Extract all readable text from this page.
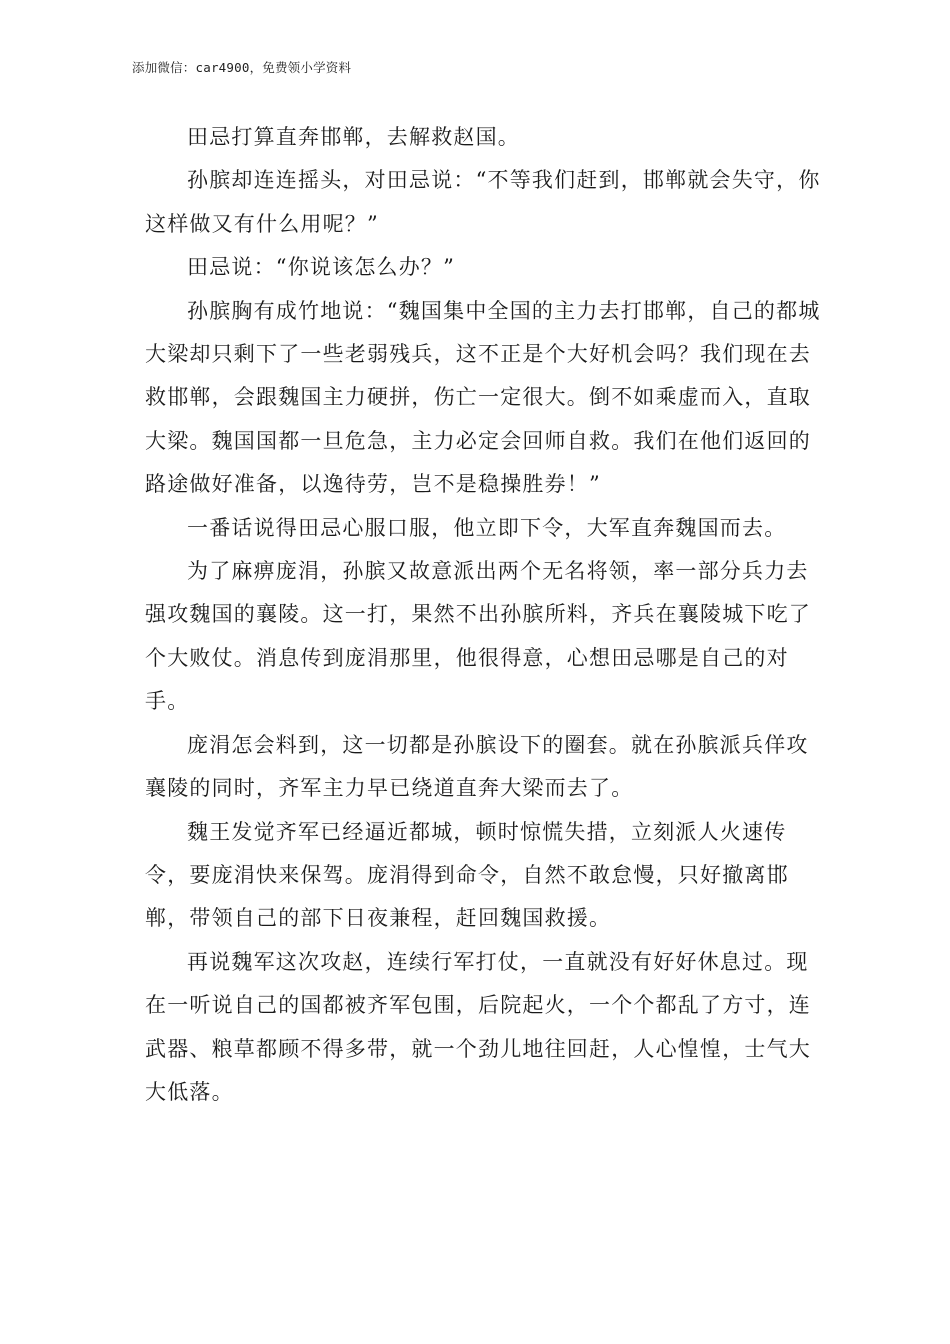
添加微信：car4900，免费领小学资料

田忌打算直奔邯郸，去解救赵国。

孙膑却连连摇头，对田忌说：“不等我们赶到，邯郸就会失守，你这样做又有什么用呢？”

田忌说：“你说该怎么办？”

孙膑胸有成竹地说：“魏国集中全国的主力去打邯郸，自己的都城大梁却只剩下了一些老弱残兵，这不正是个大好机会吗？我们现在去救邯郸，会跟魏国主力硬拼，伤亡一定很大。倒不如乘虚而入，直取大梁。魏国国都一旦危急，主力必定会回师自救。我们在他们返回的路途做好准备，以逸待劳，岂不是稳操胜券！”

一番话说得田忌心服口服，他立即下令，大军直奔魏国而去。

为了麻痹庞涓，孙膑又故意派出两个无名将领，率一部分兵力去强攻魏国的襄陵。这一打，果然不出孙膑所料，齐兵在襄陵城下吃了个大败仗。消息传到庞涓那里，他很得意，心想田忌哪是自己的对手。

庞涓怎会料到，这一切都是孙膑设下的圈套。就在孙膑派兵佯攻襄陵的同时，齐军主力早已绕道直奔大梁而去了。

魏王发觉齐军已经逼近都城，顿时惊慌失措，立刻派人火速传令，要庞涓快来保驾。庞涓得到命令，自然不敢怠慢，只好撤离邯郸，带领自己的部下日夜兼程，赶回魏国救援。

再说魏军这次攻赵，连续行军打仗，一直就没有好好休息过。现在一听说自己的国都被齐军包围，后院起火，一个个都乱了方寸，连武器、粮草都顾不得多带，就一个劲儿地往回赶，人心惶惶，士气大大低落。
